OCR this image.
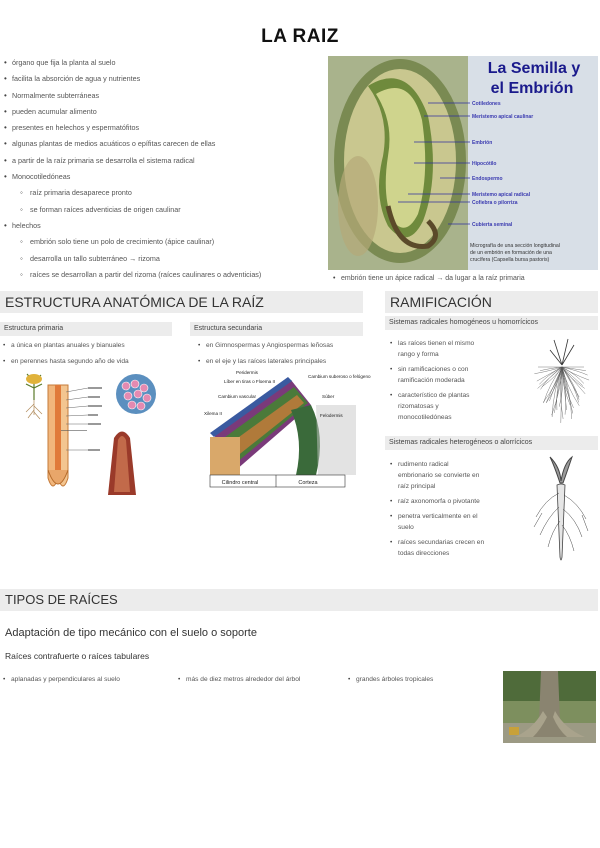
LA RAIZ
• órgano que fija la planta al suelo
• facilita la absorción de agua y nutrientes
• Normalmente subterráneas
• pueden acumular alimento
• presentes en helechos y espermatófitos
• algunas plantas de medios acuáticos o epífitas carecen de ellas
• a partir de la raíz primaria se desarrolla el sistema radical
• Monocotiledóneas
◦ raíz primaria desaparece pronto
◦ se forman raíces adventicias de origen caulinar
• helechos
◦ embrión solo tiene un polo de crecimiento (ápice caulinar)
◦ desarrolla un tallo subterráneo → rizoma
◦ raíces se desarrollan a partir del rizoma (raíces caulinares o adventicias)
La Semilla y
el Embrión
Cotiledones
Meristemo apical caulinar
Embrión
Hipocótilo
Endospermo
Meristemo apical radical
Cofiebra o pilorriza
Cubierta seminal
Micrografía de una sección longitudinal
de un embrión en formación de una
crucífera (Capsella bursa pastoris)
• embrión tiene un ápice radical → da lugar a la raíz primaria
ESTRUCTURA ANATÓMICA DE LA RAÍZ
Estructura primaria	Estructura secundaria
• a única en plantas anuales y bianuales
• en perennes hasta segundo año de vida
• en Gimnospermas y Angiospermas leñosas
• en el eje y las raíces laterales principales
Cilindro central	Corteza
Peridermis
Líber en tiras o Floema II
Cambium vascular
Xilema II
Cambium suberoso o felógeno
Súber
Felodermis
RAMIFICACIÓN
Sistemas radicales homogéneos u homorrícicos
• las raíces tienen el mismo
rango y forma
• sin ramificaciones o con
ramificación moderada
• característico de plantas
rizomatosas y
monocotiledóneas
Sistemas radicales heterogéneos o alorrícicos
• rudimento radical
embrionario se convierte en
raíz principal
• raíz axonomorfa o pivotante
• penetra verticalmente en el
suelo
• raíces secundarias crecen en
todas direcciones
TIPOS DE RAÍCES
Adaptación de tipo mecánico con el suelo o soporte
Raíces contrafuerte o raíces tabulares
• aplanadas y perpendiculares al suelo	• más de diez metros alrededor del árbol	• grandes árboles tropicales
